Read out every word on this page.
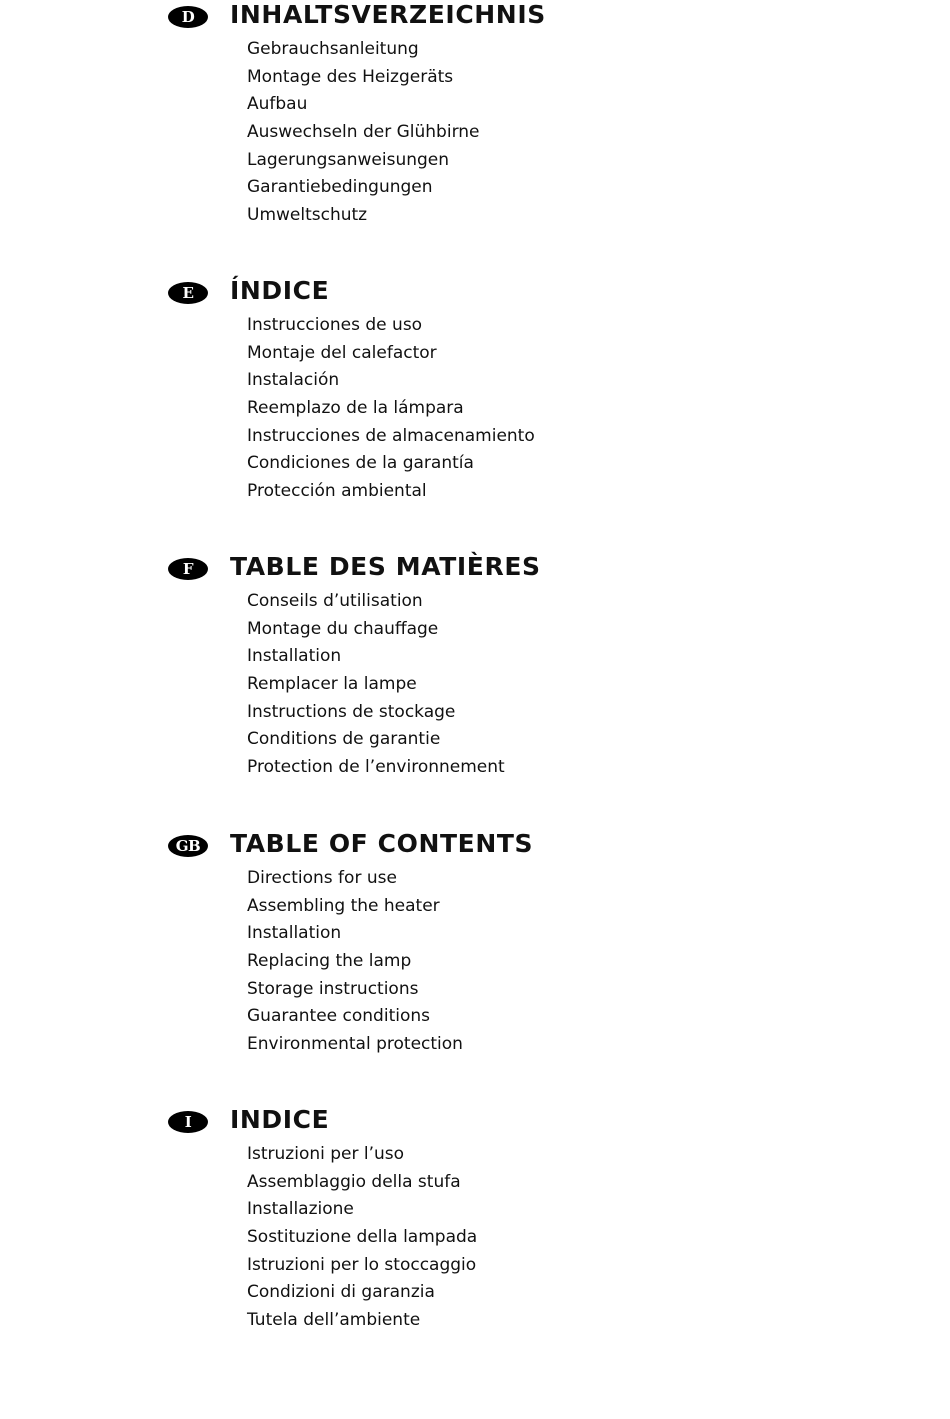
D	INHALTSVERZEICHNIS
Gebrauchsanleitung
Montage des Heizgeräts
Aufbau
Auswechseln der Glühbirne
Lagerungsanweisungen
Garantiebedingungen
Umweltschutz
E	ÍNDICE
Instrucciones de uso
Montaje del calefactor
Instalación
Reemplazo de la lámpara
Instrucciones de almacenamiento
Condiciones de la garantía
Protección ambiental
F	TABLE DES MATIÈRES
Conseils d’utilisation
Montage du chauffage
Installation
Remplacer la lampe
Instructions de stockage
Conditions de garantie
Protection de l’environnement
GB	TABLE OF CONTENTS
Directions for use
Assembling the heater
Installation
Replacing the lamp
Storage instructions
Guarantee conditions
Environmental protection
I	INDICE
Istruzioni per l’uso
Assemblaggio della stufa
Installazione
Sostituzione della lampada
Istruzioni per lo stoccaggio
Condizioni di garanzia
Tutela dell’ambiente
